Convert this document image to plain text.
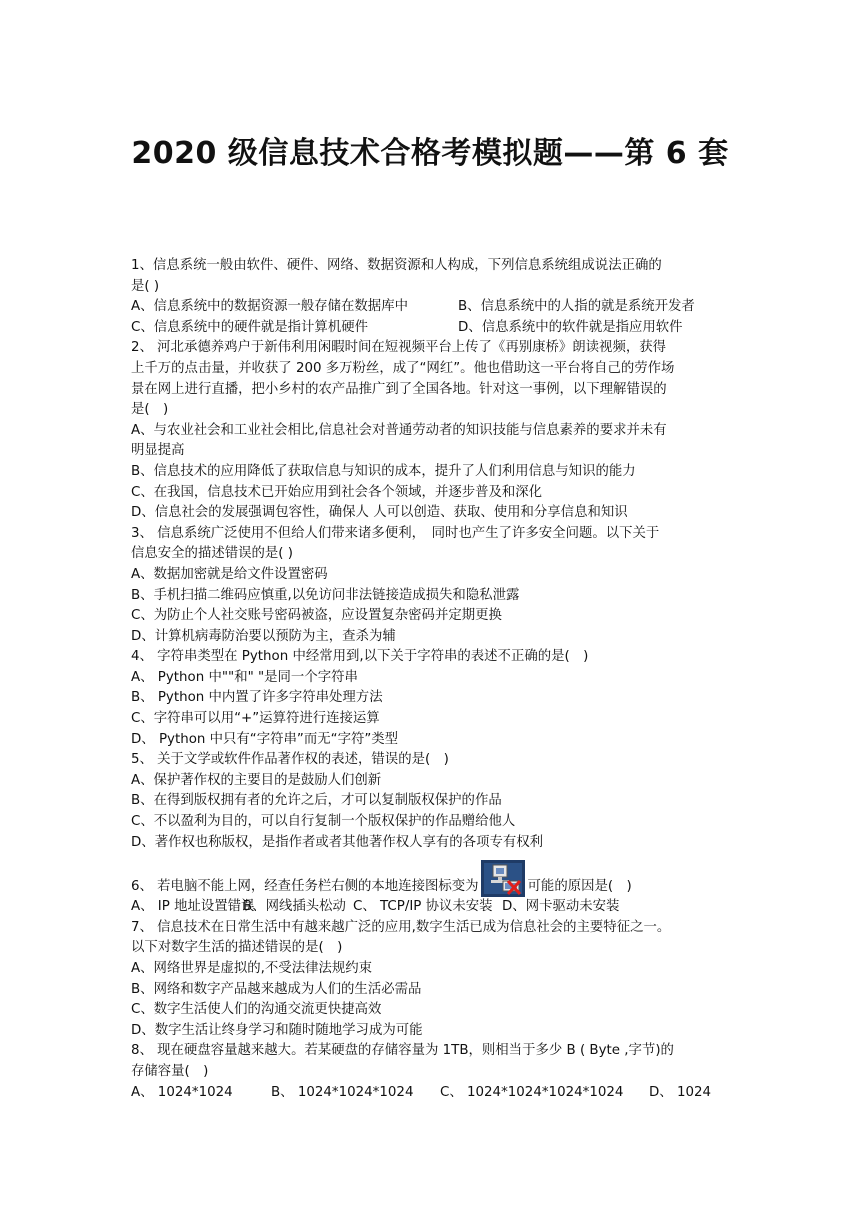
2020 级信息技术合格考模拟题——第 6 套
1、信息系统一般由软件、硬件、网络、数据资源和人构成，下列信息系统组成说法正确的
是( )
A、信息系统中的数据资源一般存储在数据库中	B、信息系统中的人指的就是系统开发者
C、信息系统中的硬件就是指计算机硬件	D、信息系统中的软件就是指应用软件
2、 河北承德养鸡户于新伟利用闲暇时间在短视频平台上传了《再别康桥》朗读视频，获得
上千万的点击量，并收获了 200 多万粉丝，成了“网红”。他也借助这一平台将自己的劳作场
景在网上进行直播，把小乡村的农产品推广到了全国各地。针对这一事例，以下理解错误的
是(　)
A、与农业社会和工业社会相比,信息社会对普通劳动者的知识技能与信息素养的要求并未有
明显提高
B、信息技术的应用降低了获取信息与知识的成本，提升了人们利用信息与知识的能力
C、在我国，信息技术已开始应用到社会各个领域，并逐步普及和深化
D、信息社会的发展强调包容性，确保人 人可以创造、获取、使用和分享信息和知识
3、 信息系统广泛使用不但给人们带来诸多便利，　同时也产生了许多安全问题。以下关于
信息安全的描述错误的是( )
A、数据加密就是给文件设置密码
B、手机扫描二维码应慎重,以免访问非法链接造成损失和隐私泄露
C、为防止个人社交账号密码被盗，应设置复杂密码并定期更换
D、计算机病毒防治要以预防为主，查杀为辅
4、 字符串类型在 Python 中经常用到,以下关于字符串的表述不正确的是(　)
A、 Python 中""和" "是同一个字符串
B、 Python 中内置了许多字符串处理方法
C、字符串可以用“+”运算符进行连接运算
D、 Python 中只有“字符串”而无“字符”类型
5、 关于文学或软件作品著作权的表述，错误的是(　)
A、保护著作权的主要目的是鼓励人们创新
B、在得到版权拥有者的允许之后，才可以复制版权保护的作品
C、不以盈利为目的，可以自行复制一个版权保护的作品赠给他人
D、著作权也称版权，是指作者或者其他著作权人享有的各项专有权利
6、 若电脑不能上网，经查任务栏右侧的本地连接图标变为	可能的原因是(　)
A、 IP 地址设置错误
B、网线插头松动 C、 TCP/IP 协议未安装 D、网卡驱动未安装
7、 信息技术在日常生活中有越来越广泛的应用,数字生活已成为信息社会的主要特征之一。
以下对数字生活的描述错误的是(　)
A、网络世界是虚拟的,不受法律法规约束
B、网络和数字产品越来越成为人们的生活必需品
C、数字生活使人们的沟通交流更快捷高效
D、数字生活让终身学习和随时随地学习成为可能
8、 现在硬盘容量越来越大。若某硬盘的存储容量为 1TB，则相当于多少 B ( Byte ,字节)的
存储容量(　)
A、 1024*1024	B、 1024*1024*1024	C、 1024*1024*1024*1024	D、 1024
